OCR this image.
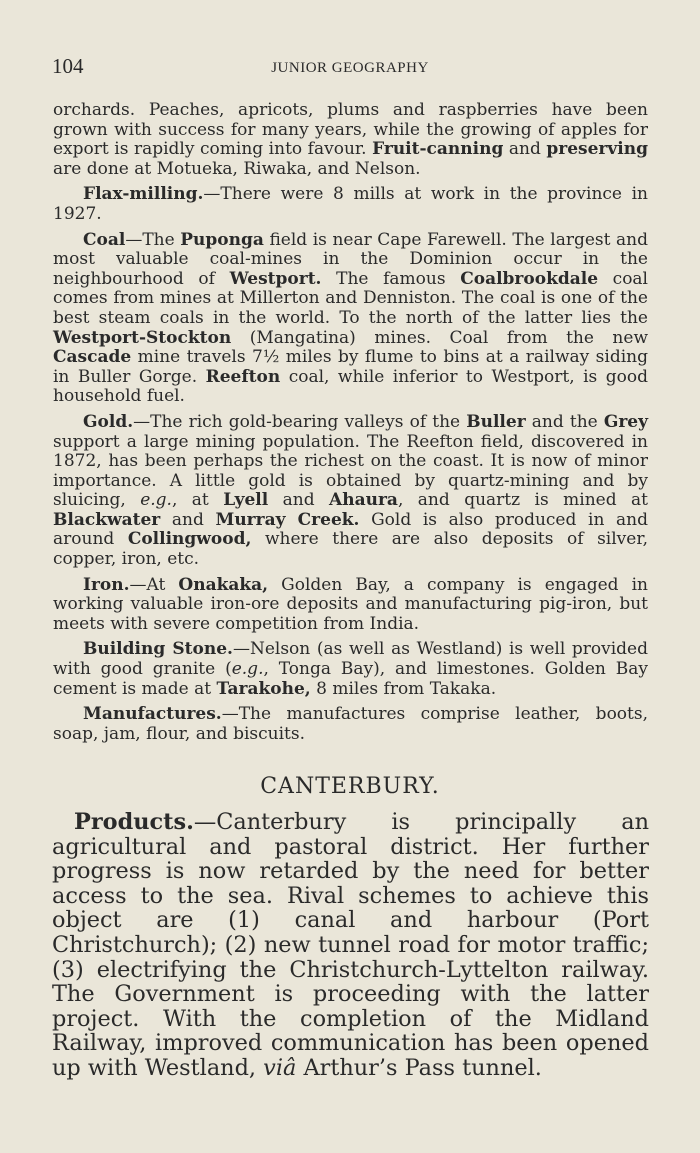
104	JUNIOR GEOGRAPHY

orchards. Peaches, apricots, plums and raspberries have been grown with success for many years, while the growing of apples for export is rapidly coming into favour. Fruit-canning and preserving are done at Motueka, Riwaka, and Nelson.

Flax-milling.—There were 8 mills at work in the province in 1927.

Coal—The Puponga field is near Cape Farewell. The largest and most valuable coal-mines in the Dominion occur in the neighbourhood of Westport. The famous Coalbrookdale coal comes from mines at Millerton and Denniston. The coal is one of the best steam coals in the world. To the north of the latter lies the Westport-Stockton (Mangatina) mines. Coal from the new Cascade mine travels 7½ miles by flume to bins at a railway siding in Buller Gorge. Reefton coal, while inferior to Westport, is good household fuel.

Gold.—The rich gold-bearing valleys of the Buller and the Grey support a large mining population. The Reefton field, discovered in 1872, has been perhaps the richest on the coast. It is now of minor importance. A little gold is obtained by quartz-mining and by sluicing, e.g., at Lyell and Ahaura, and quartz is mined at Blackwater and Murray Creek. Gold is also produced in and around Collingwood, where there are also deposits of silver, copper, iron, etc.

Iron.—At Onakaka, Golden Bay, a company is engaged in working valuable iron-ore deposits and manufacturing pig-iron, but meets with severe competition from India.

Building Stone.—Nelson (as well as Westland) is well provided with good granite (e.g., Tonga Bay), and limestones. Golden Bay cement is made at Tarakohe, 8 miles from Takaka.

Manufactures.—The manufactures comprise leather, boots, soap, jam, flour, and biscuits.

CANTERBURY.

Products.—Canterbury is principally an agricultural and pastoral district. Her further progress is now retarded by the need for better access to the sea. Rival schemes to achieve this object are (1) canal and harbour (Port Christchurch); (2) new tunnel road for motor traffic; (3) electrifying the Christchurch-Lyttelton railway. The Government is proceeding with the latter project. With the completion of the Midland Railway, improved communication has been opened up with Westland, viâ Arthur’s Pass tunnel.
